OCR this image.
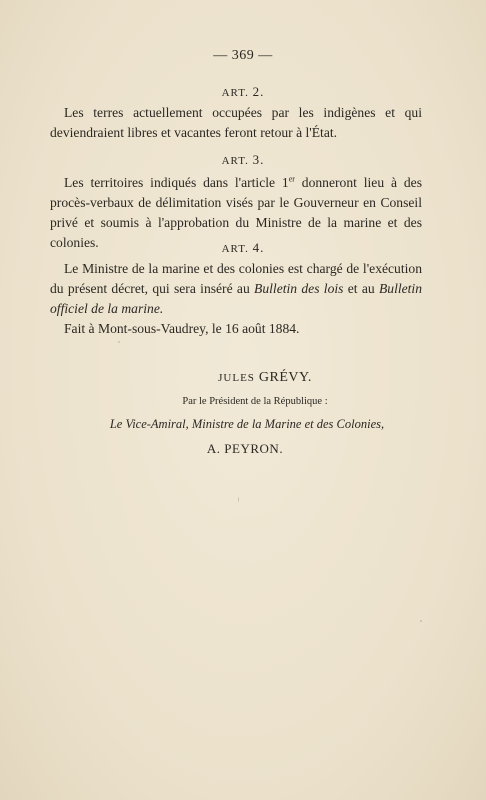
— 369 —
ART. 2.
Les terres actuellement occupées par les indigènes et qui deviendraient libres et vacantes feront retour à l'État.
ART. 3.
Les territoires indiqués dans l'article 1er donneront lieu à des procès-verbaux de délimitation visés par le Gouverneur en Conseil privé et soumis à l'approbation du Ministre de la marine et des colonies.	ART. 4.
Le Ministre de la marine et des colonies est chargé de l'exécution du présent décret, qui sera inséré au Bulletin des lois et au Bulletin officiel de la marine.
Fait à Mont-sous-Vaudrey, le 16 août 1884.
JULES GRÉVY.
Par le Président de la République :
Le Vice-Amiral, Ministre de la Marine et des Colonies,
A. PEYRON.
